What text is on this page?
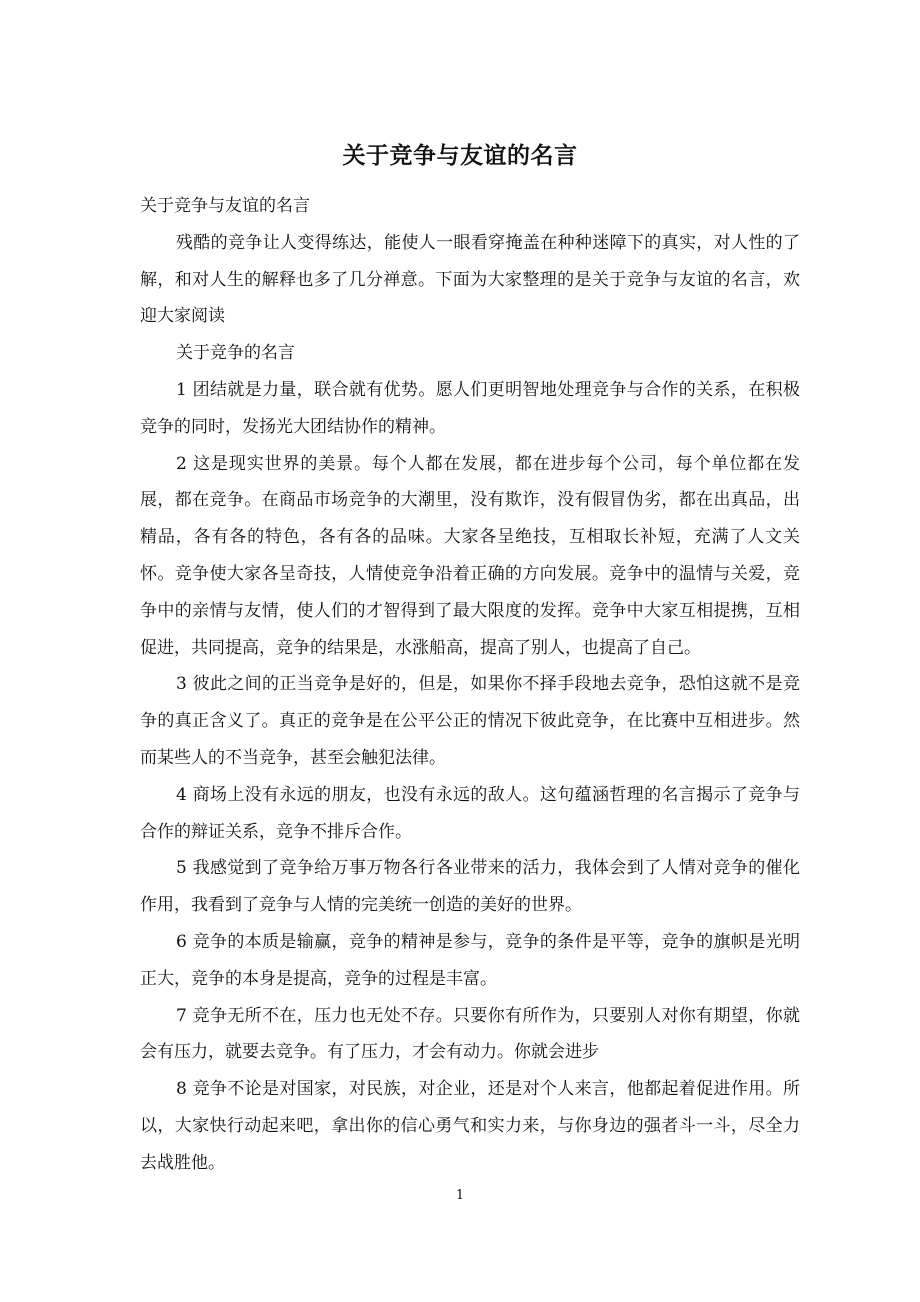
关于竞争与友谊的名言

关于竞争与友谊的名言

残酷的竞争让人变得练达，能使人一眼看穿掩盖在种种迷障下的真实，对人性的了解，和对人生的解释也多了几分禅意。下面为大家整理的是关于竞争与友谊的名言，欢迎大家阅读

关于竞争的名言

1 团结就是力量，联合就有优势。愿人们更明智地处理竞争与合作的关系，在积极竞争的同时，发扬光大团结协作的精神。

2 这是现实世界的美景。每个人都在发展，都在进步每个公司，每个单位都在发展，都在竞争。在商品市场竞争的大潮里，没有欺诈，没有假冒伪劣，都在出真品，出精品，各有各的特色，各有各的品味。大家各呈绝技，互相取长补短，充满了人文关怀。竞争使大家各呈奇技，人情使竞争沿着正确的方向发展。竞争中的温情与关爱，竞争中的亲情与友情，使人们的才智得到了最大限度的发挥。竞争中大家互相提携，互相促进，共同提高，竞争的结果是，水涨船高，提高了别人，也提高了自己。

3 彼此之间的正当竞争是好的，但是，如果你不择手段地去竞争，恐怕这就不是竞争的真正含义了。真正的竞争是在公平公正的情况下彼此竞争，在比赛中互相进步。然而某些人的不当竞争，甚至会触犯法律。

4 商场上没有永远的朋友，也没有永远的敌人。这句蕴涵哲理的名言揭示了竞争与合作的辩证关系，竞争不排斥合作。

5 我感觉到了竞争给万事万物各行各业带来的活力，我体会到了人情对竞争的催化作用，我看到了竞争与人情的完美统一创造的美好的世界。

6 竞争的本质是输赢，竞争的精神是参与，竞争的条件是平等，竞争的旗帜是光明正大，竞争的本身是提高，竞争的过程是丰富。

7 竞争无所不在，压力也无处不存。只要你有所作为，只要别人对你有期望，你就会有压力，就要去竞争。有了压力，才会有动力。你就会进步

8 竞争不论是对国家，对民族，对企业，还是对个人来言，他都起着促进作用。所以，大家快行动起来吧，拿出你的信心勇气和实力来，与你身边的强者斗一斗，尽全力去战胜他。

1
